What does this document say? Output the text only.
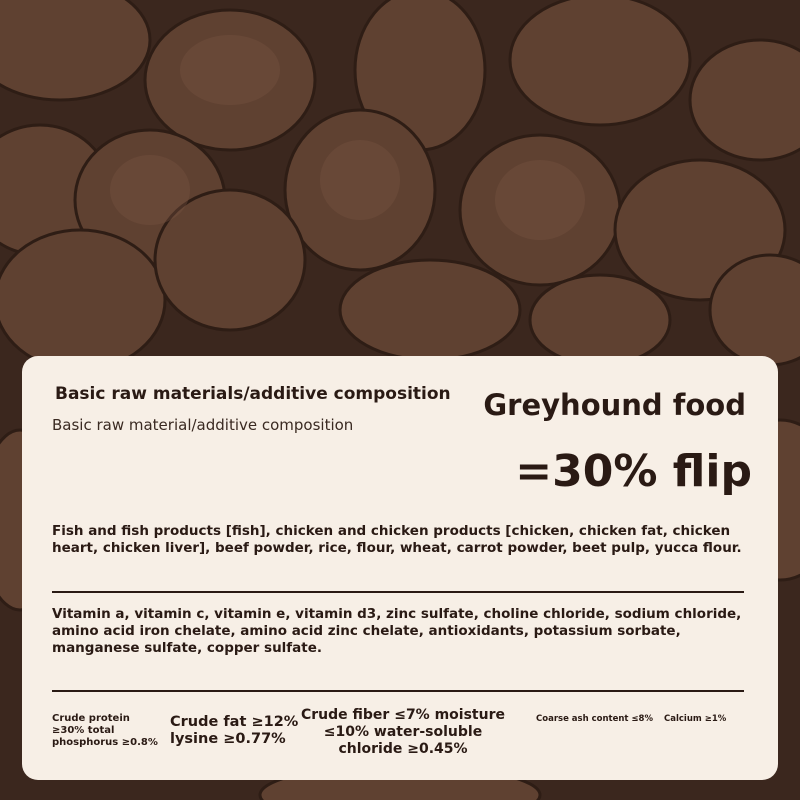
Basic raw materials/additive composition
Basic raw material/additive composition
Greyhound food
=30% flip
Fish and fish products [fish], chicken and chicken products [chicken, chicken fat, chicken heart, chicken liver], beef powder, rice, flour, wheat, carrot powder, beet pulp, yucca flour.
Vitamin a, vitamin c, vitamin e, vitamin d3, zinc sulfate, choline chloride, sodium chloride, amino acid iron chelate, amino acid zinc chelate, antioxidants, potassium sorbate, manganese sulfate, copper sulfate.
Crude protein ≥30% total phosphorus ≥0.8%
Crude fat ≥12% lysine ≥0.77%
Crude fiber ≤7% moisture ≤10% water-soluble chloride ≥0.45%
Coarse ash content ≤8%	Calcium ≥1%
